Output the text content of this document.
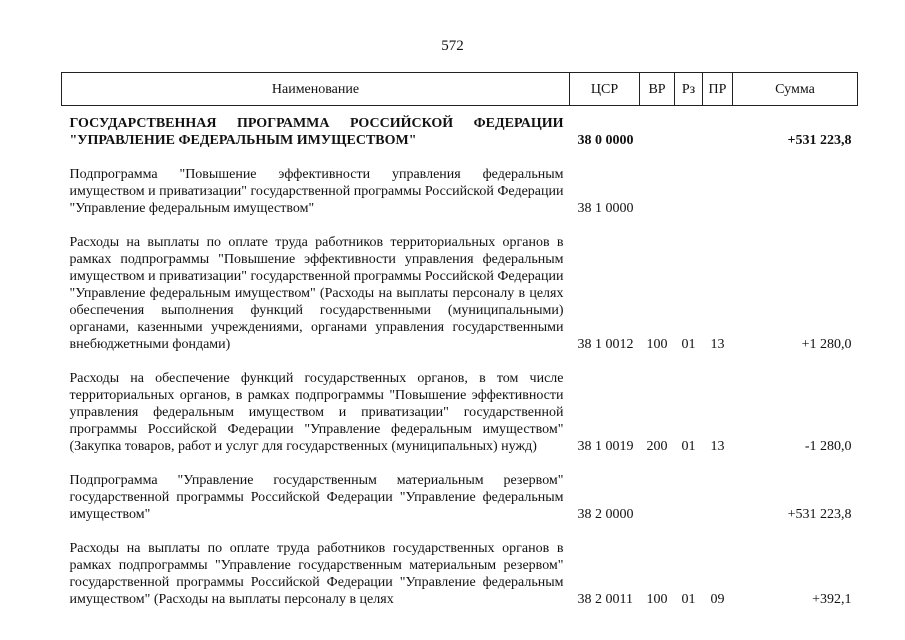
572
Наименование	ЦСР	ВР	Рз	ПР	Сумма
ГОСУДАРСТВЕННАЯ ПРОГРАММА РОССИЙСКОЙ ФЕДЕРАЦИИ "УПРАВЛЕНИЕ ФЕДЕРАЛЬНЫМ ИМУЩЕСТВОМ"	38 0 0000				+531 223,8
Подпрограмма "Повышение эффективности управления федеральным имуществом и приватизации" государственной программы Российской Федерации "Управление федеральным имуществом"	38 1 0000				
Расходы на выплаты по оплате труда работников территориальных органов в рамках подпрограммы "Повышение эффективности управления федеральным имуществом и приватизации" государственной программы Российской Федерации "Управление федеральным имуществом" (Расходы на выплаты персоналу в целях обеспечения выполнения функций государственными (муниципальными) органами, казенными учреждениями, органами управления государственными внебюджетными фондами)	38 1 0012	100	01	13	+1 280,0
Расходы на обеспечение функций государственных органов, в том числе территориальных органов, в рамках подпрограммы "Повышение эффективности управления федеральным имуществом и приватизации" государственной программы Российской Федерации "Управление федеральным имуществом" (Закупка товаров, работ и услуг для государственных (муниципальных) нужд)	38 1 0019	200	01	13	-1 280,0
Подпрограмма "Управление государственным материальным резервом" государственной программы Российской Федерации "Управление федеральным имуществом"	38 2 0000				+531 223,8
Расходы на выплаты по оплате труда работников государственных органов в рамках подпрограммы "Управление государственным материальным резервом" государственной программы Российской Федерации "Управление федеральным имуществом" (Расходы на выплаты персоналу в целях	38 2 0011	100	01	09	+392,1
